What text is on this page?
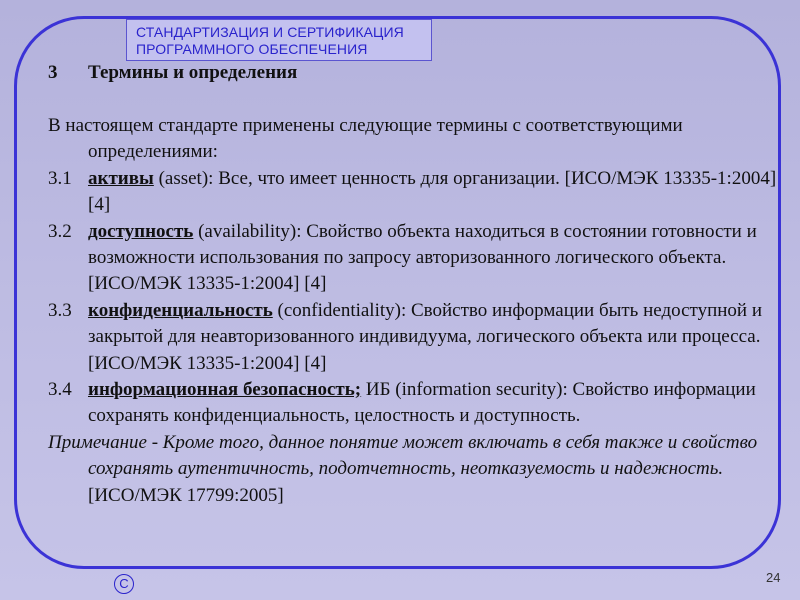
СТАНДАРТИЗАЦИЯ И СЕРТИФИКАЦИЯ
ПРОГРАММНОГО ОБЕСПЕЧЕНИЯ
3 Термины и определения

В настоящем стандарте применены следующие термины с соответствующими определениями:

3.1 активы (asset): Все, что имеет ценность для организации. [ИСО/МЭК 13335-1:2004] [4]

3.2 доступность (availability): Свойство объекта находиться в состоянии готовности и возможности использования по запросу авторизованного логического объекта. [ИСО/МЭК 13335-1:2004] [4]

3.3 конфиденциальность (confidentiality): Свойство информации быть недоступной и закрытой для неавторизованного индивидуума, логического объекта или процесса. [ИСО/МЭК 13335-1:2004] [4]

3.4 информационная безопасность; ИБ (information security): Свойство информации сохранять конфиденциальность, целостность и доступность.

Примечание - Кроме того, данное понятие может включать в себя также и свойство сохранять аутентичность, подотчетность, неотказуемость и надежность. [ИСО/МЭК 17799:2005]

C	24
